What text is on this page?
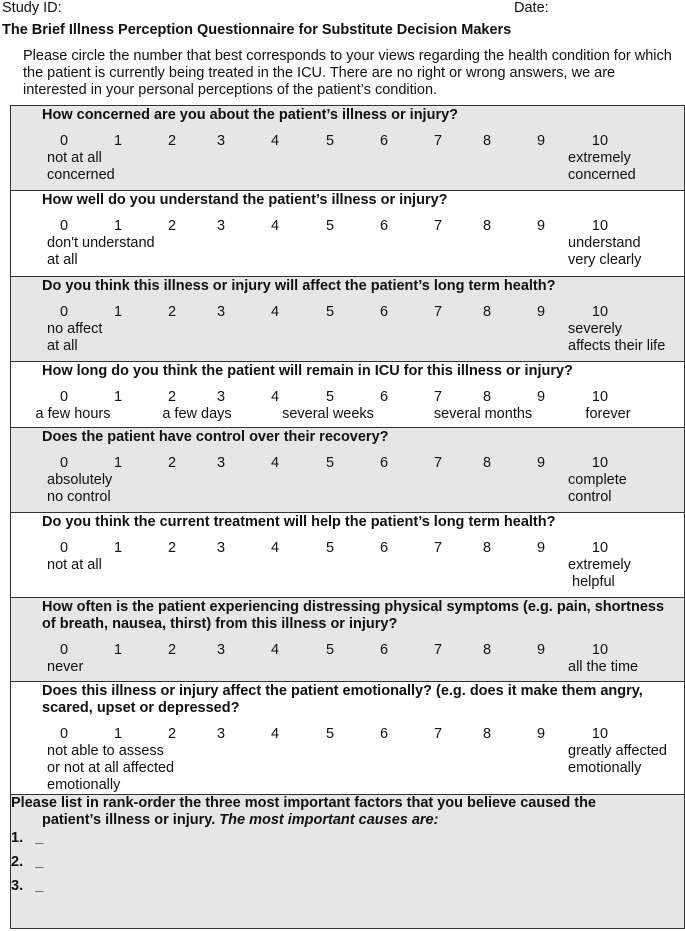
Study ID:	Date:
The Brief Illness Perception Questionnaire for Substitute Decision Makers
Please circle the number that best corresponds to your views regarding the health condition for which
the patient is currently being treated in the ICU. There are no right or wrong answers, we are
interested in your personal perceptions of the patient’s condition.
How concerned are you about the patient’s illness or injury?
0	1	2	3	4	5	6	7	8	9	10
not at all
concerned
extremely
concerned
How well do you understand the patient’s illness or injury?
0	1	2	3	4	5	6	7	8	9	10
don't understand
at all
understand
very clearly
Do you think this illness or injury will affect the patient’s long term health?
0	1	2	3	4	5	6	7	8	9	10
no affect
at all
severely
affects their life
How long do you think the patient will remain in ICU for this illness or injury?
0	1	2	3	4	5	6	7	8	9	10
a few hours	a few days	several weeks	several months	forever
Does the patient have control over their recovery?
0	1	2	3	4	5	6	7	8	9	10
absolutely
no control
complete
control
Do you think the current treatment will help the patient’s long term health?
0	1	2	3	4	5	6	7	8	9	10
not at all	extremely
helpful
How often is the patient experiencing distressing physical symptoms (e.g. pain, shortness
of breath, nausea, thirst) from this illness or injury?
0	1	2	3	4	5	6	7	8	9	10
never	all the time
Does this illness or injury affect the patient emotionally? (e.g. does it make them angry,
scared, upset or depressed?
0	1	2	3	4	5	6	7	8	9	10
not able to assess
or not at all affected
emotionally
greatly affected
emotionally
Please list in rank-order the three most important factors that you believe caused the
patient’s illness or injury. The most important causes are:
1. _
2. _
3. _
